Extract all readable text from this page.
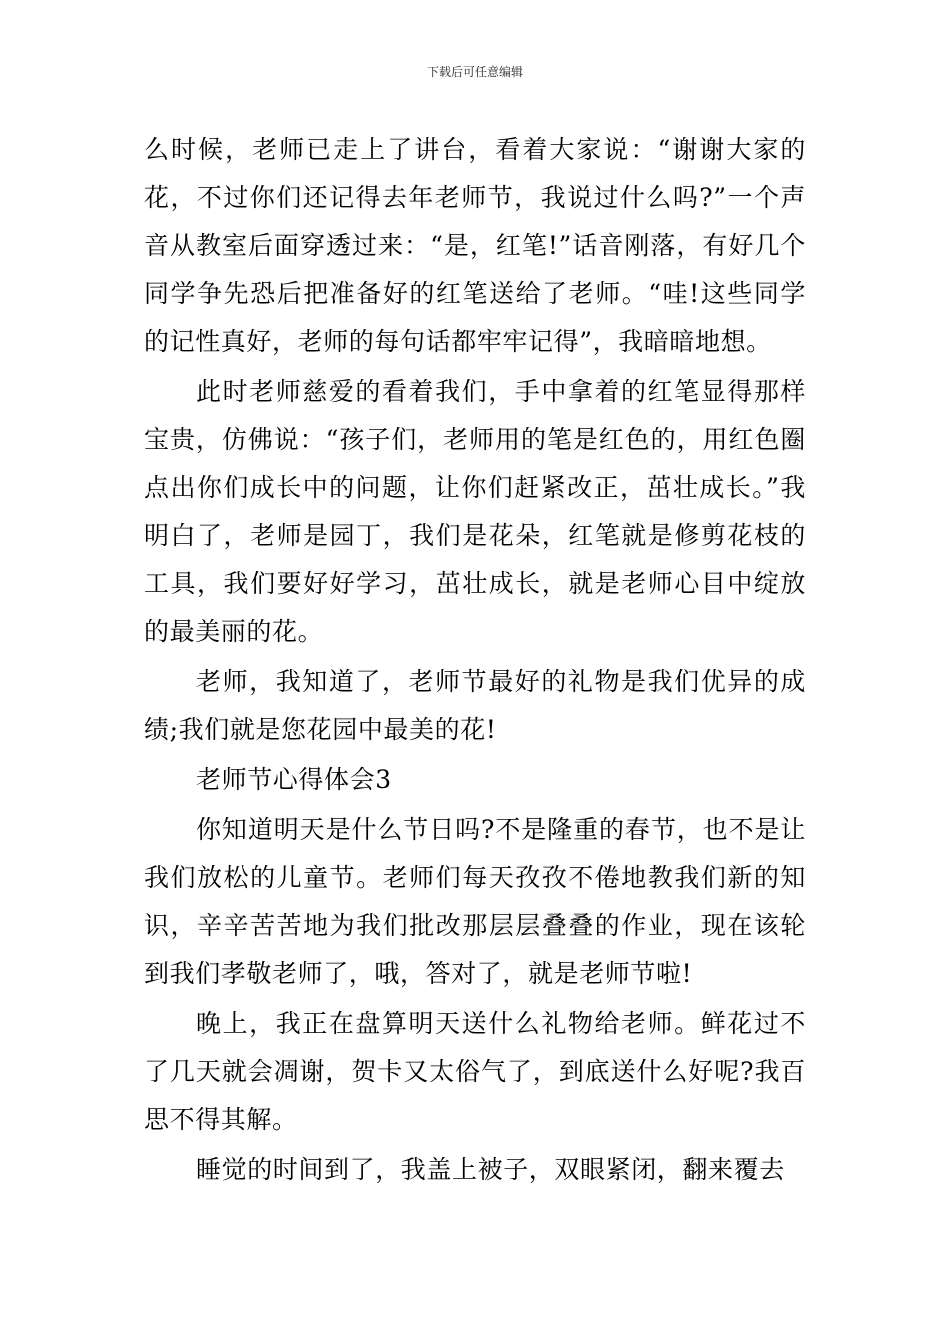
下载后可任意编辑

么时候，老师已走上了讲台，看着大家说：“谢谢大家的花，不过你们还记得去年老师节，我说过什么吗?”一个声音从教室后面穿透过来：“是，红笔!”话音刚落，有好几个同学争先恐后把准备好的红笔送给了老师。“哇!这些同学的记性真好，老师的每句话都牢牢记得”，我暗暗地想。

此时老师慈爱的看着我们，手中拿着的红笔显得那样宝贵，仿佛说：“孩子们，老师用的笔是红色的，用红色圈点出你们成长中的问题，让你们赶紧改正，茁壮成长。”我明白了，老师是园丁，我们是花朵，红笔就是修剪花枝的工具，我们要好好学习，茁壮成长，就是老师心目中绽放的最美丽的花。

老师，我知道了，老师节最好的礼物是我们优异的成绩;我们就是您花园中最美的花!

老师节心得体会3

你知道明天是什么节日吗?不是隆重的春节，也不是让我们放松的儿童节。老师们每天孜孜不倦地教我们新的知识，辛辛苦苦地为我们批改那层层叠叠的作业，现在该轮到我们孝敬老师了，哦，答对了，就是老师节啦!

晚上，我正在盘算明天送什么礼物给老师。鲜花过不了几天就会凋谢，贺卡又太俗气了，到底送什么好呢?我百思不得其解。

睡觉的时间到了，我盖上被子，双眼紧闭，翻来覆去
